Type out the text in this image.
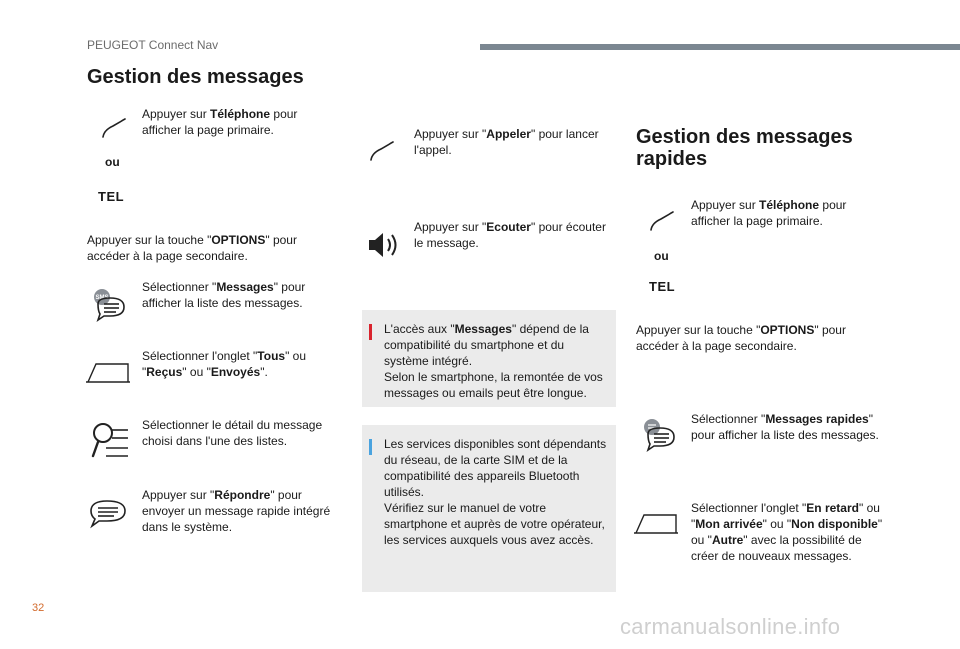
PEUGEOT Connect Nav
Gestion des messages
Appuyer sur Téléphone pour afficher la page primaire.
ou
TEL
Appuyer sur la touche "OPTIONS" pour accéder à la page secondaire.
SMS
Sélectionner "Messages" pour afficher la liste des messages.
Sélectionner l'onglet "Tous" ou "Reçus" ou "Envoyés".
Sélectionner le détail du message choisi dans l'une des listes.
Appuyer sur "Répondre" pour envoyer un message rapide intégré dans le système.
Appuyer sur "Appeler" pour lancer l'appel.
Appuyer sur "Ecouter" pour écouter le message.
L'accès aux "Messages" dépend de la compatibilité du smartphone et du système intégré.
Selon le smartphone, la remontée de vos messages ou emails peut être longue.
Les services disponibles sont dépendants du réseau, de la carte SIM et de la compatibilité des appareils Bluetooth utilisés.
Vérifiez sur le manuel de votre smartphone et auprès de votre opérateur, les services auxquels vous avez accès.
Gestion des messages
rapides
Appuyer sur Téléphone pour afficher la page primaire.
ou
TEL
Appuyer sur la touche "OPTIONS" pour accéder à la page secondaire.
Sélectionner "Messages rapides" pour afficher la liste des messages.
Sélectionner l'onglet "En retard" ou "Mon arrivée" ou "Non disponible" ou "Autre" avec la possibilité de créer de nouveaux messages.
32
carmanualsonline.info
